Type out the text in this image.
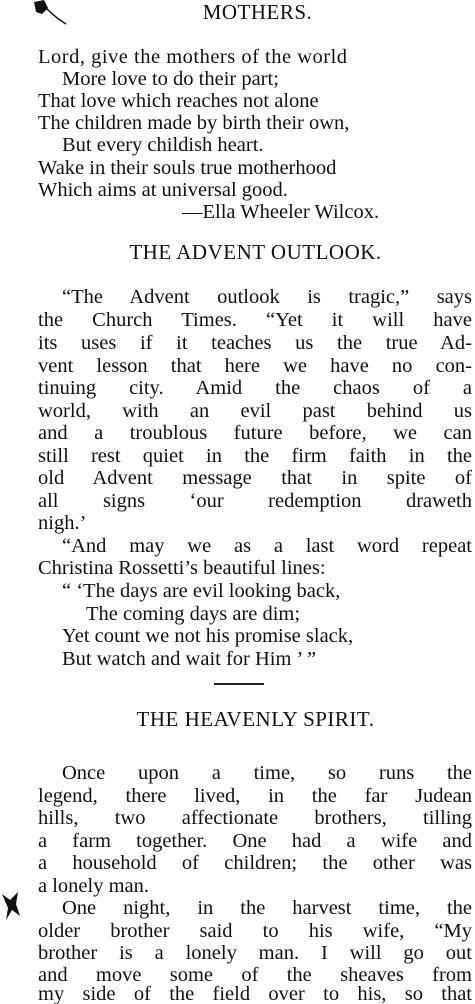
MOTHERS.
Lord, give the mothers of the world
More love to do their part;
That love which reaches not alone
The children made by birth their own,
But every childish heart.
Wake in their souls true motherhood
Which aims at universal good.
—Ella Wheeler Wilcox.
THE ADVENT OUTLOOK.
“The Advent outlook is tragic,” says
the Church Times. “Yet it will have
its uses if it teaches us the true Ad-
vent lesson that here we have no con-
tinuing city. Amid the chaos of a
world, with an evil past behind us
and a troublous future before, we can
still rest quiet in the firm faith in the
old Advent message that in spite of
all signs ‘our redemption draweth
nigh.’
“And may we as a last word repeat
Christina Rossetti’s beautiful lines:
“ ‘The days are evil looking back,
The coming days are dim;
Yet count we not his promise slack,
But watch and wait for Him ’ ”
THE HEAVENLY SPIRIT.
Once upon a time, so runs the
legend, there lived, in the far Judean
hills, two affectionate brothers, tilling
a farm together. One had a wife and
a household of children; the other was
a lonely man.
One night, in the harvest time, the
older brother said to his wife, “My
brother is a lonely man. I will go out
and move some of the sheaves from
my side of the field over to his, so that
